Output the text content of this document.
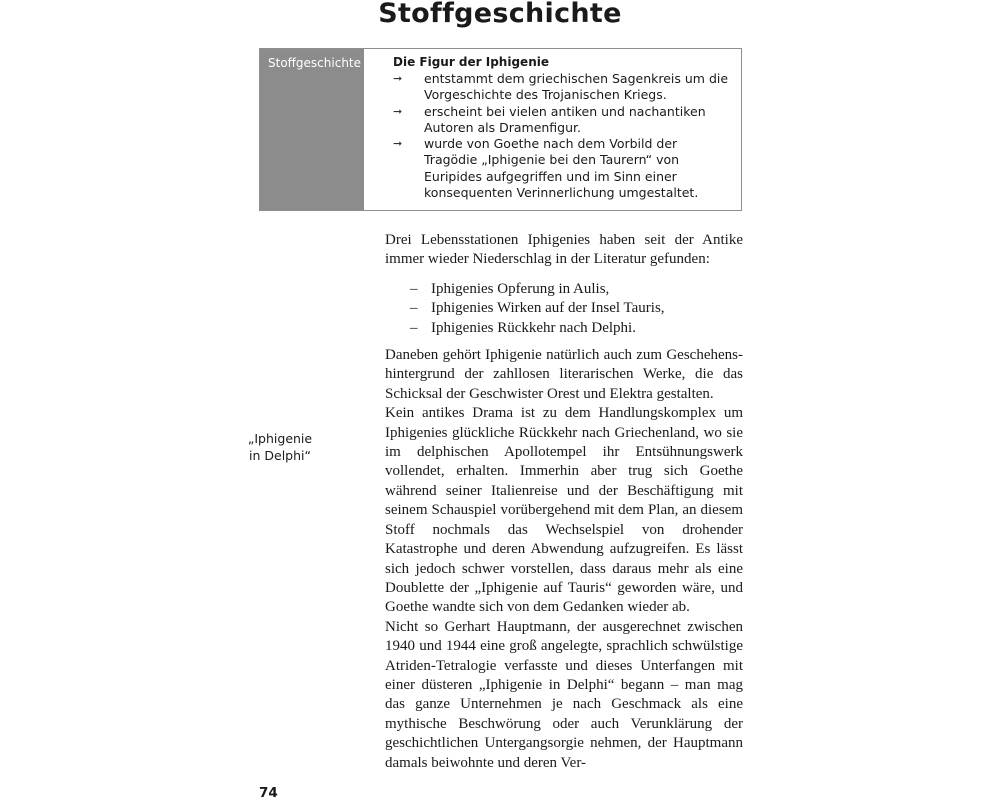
Stoffgeschichte
Stoffgeschichte	Die Figur der Iphigenie
➞ entstammt dem griechischen Sagenkreis um die Vorgeschichte des Trojanischen Kriegs.
➞ erscheint bei vielen antiken und nachantiken Autoren als Dramenfigur.
➞ wurde von Goethe nach dem Vorbild der Tragödie „Iphigenie bei den Taurern“ von Euripides aufgegriffen und im Sinn einer konsequenten Verinnerlichung umgestaltet.

Drei Lebensstationen Iphigenies haben seit der Antike immer wieder Niederschlag in der Literatur gefunden:

– Iphigenies Opferung in Aulis,
– Iphigenies Wirken auf der Insel Tauris,
– Iphigenies Rückkehr nach Delphi.

Daneben gehört Iphigenie natürlich auch zum Geschehenshintergrund der zahllosen literarischen Werke, die das Schicksal der Geschwister Orest und Elektra gestalten.

Kein antikes Drama ist zu dem Handlungskomplex um Iphigenies glückliche Rückkehr nach Griechenland, wo sie im delphischen Apollotempel ihr Entsühnungswerk vollendet, erhalten. Immerhin aber trug sich Goethe während seiner Italienreise und der Beschäftigung mit seinem Schauspiel vorübergehend mit dem Plan, an diesem Stoff nochmals das Wechselspiel von drohender Katastrophe und deren Abwendung aufzugreifen. Es lässt sich jedoch schwer vorstellen, dass daraus mehr als eine Doublette der „Iphigenie auf Tauris“ geworden wäre, und Goethe wandte sich von dem Gedanken wieder ab.

Nicht so Gerhart Hauptmann, der ausgerechnet zwischen 1940 und 1944 eine groß angelegte, sprachlich schwülstige Atriden-Tetralogie verfasste und dieses Unterfangen mit einer düsteren „Iphigenie in Delphi“ begann – man mag das ganze Unternehmen je nach Geschmack als eine mythische Beschwörung oder auch Verunklärung der geschichtlichen Untergangsorgie nehmen, der Hauptmann damals beiwohnte und deren Ver-

„Iphigenie
in Delphi“
74
